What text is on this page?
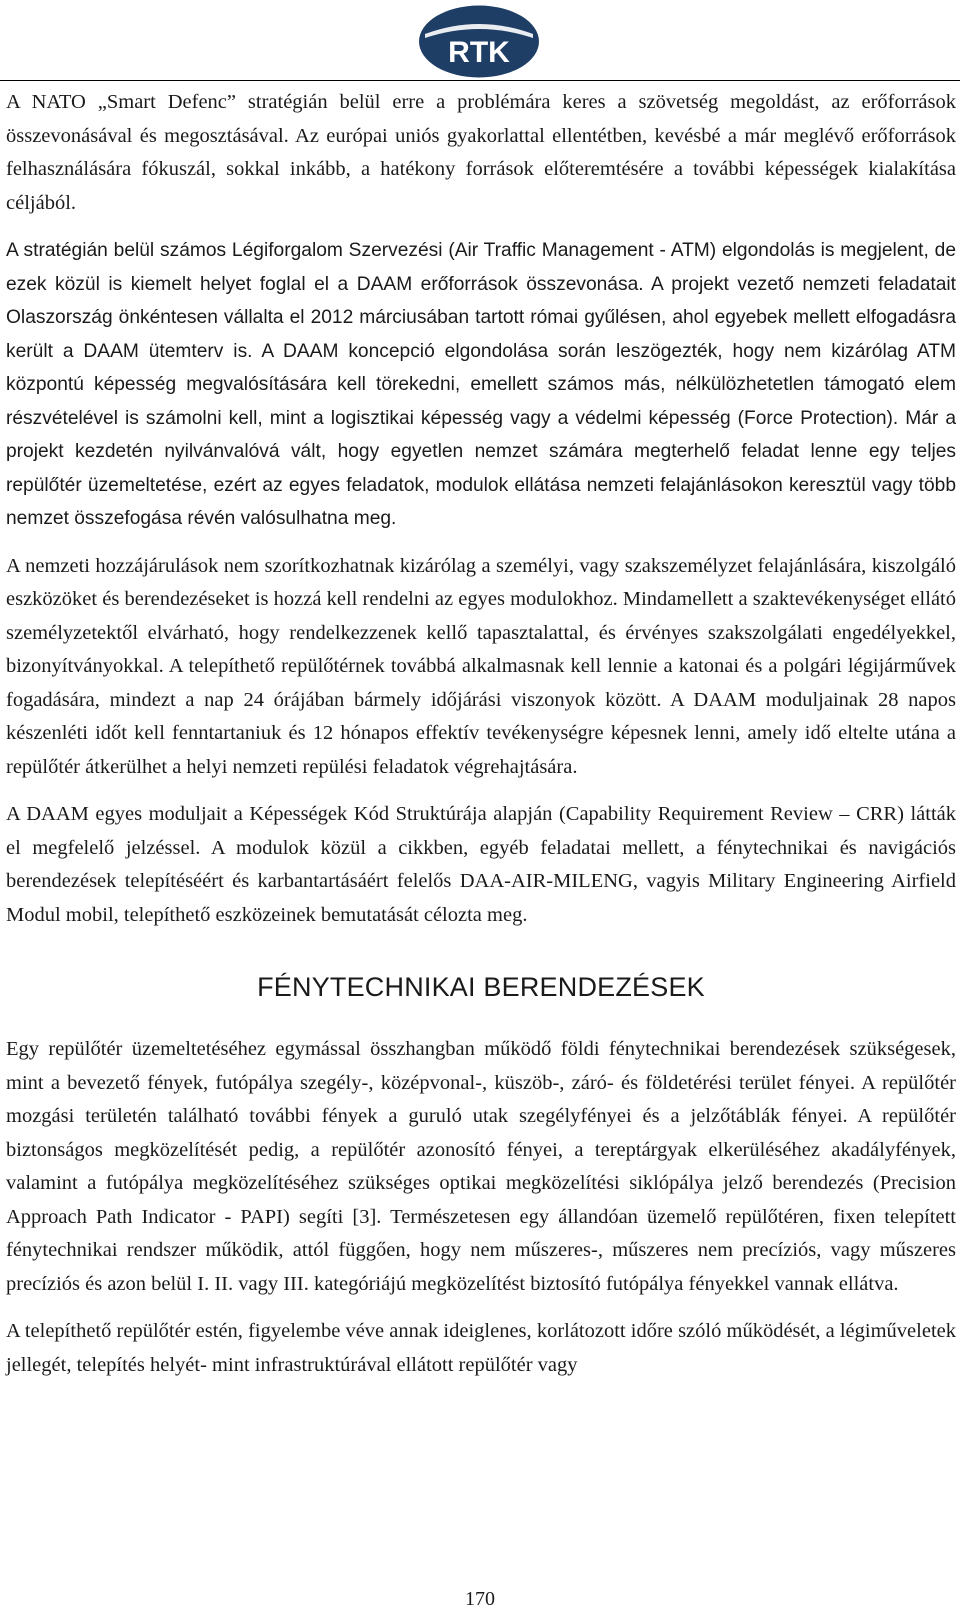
RTK

A NATO „Smart Defenc” stratégián belül erre a problémára keres a szövetség megoldást, az erőforrások összevonásával és megosztásával. Az európai uniós gyakorlattal ellentétben, kevésbé a már meglévő erőforrások felhasználására fókuszál, sokkal inkább, a hatékony források előteremtésére a további képességek kialakítása céljából.

A stratégián belül számos Légiforgalom Szervezési (Air Traffic Management - ATM) elgondolás is megjelent, de ezek közül is kiemelt helyet foglal el a DAAM erőforrások összevonása. A projekt vezető nemzeti feladatait Olaszország önkéntesen vállalta el 2012 márciusában tartott római gyűlésen, ahol egyebek mellett elfogadásra került a DAAM ütemterv is. A DAAM koncepció elgondolása során leszögezték, hogy nem kizárólag ATM központú képesség megvalósítására kell törekedni, emellett számos más, nélkülözhetetlen támogató elem részvételével is számolni kell, mint a logisztikai képesség vagy a védelmi képesség (Force Protection). Már a projekt kezdetén nyilvánvalóvá vált, hogy egyetlen nemzet számára megterhelő feladat lenne egy teljes repülőtér üzemeltetése, ezért az egyes feladatok, modulok ellátása nemzeti felajánlásokon keresztül vagy több nemzet összefogása révén valósulhatna meg.

A nemzeti hozzájárulások nem szorítkozhatnak kizárólag a személyi, vagy szakszemélyzet felajánlására, kiszolgáló eszközöket és berendezéseket is hozzá kell rendelni az egyes modulokhoz. Mindamellett a szaktevékenységet ellátó személyzetektől elvárható, hogy rendelkezzenek kellő tapasztalattal, és érvényes szakszolgálati engedélyekkel, bizonyítványokkal. A telepíthető repülőtérnek továbbá alkalmasnak kell lennie a katonai és a polgári légijárművek fogadására, mindezt a nap 24 órájában bármely időjárási viszonyok között. A DAAM moduljainak 28 napos készenléti időt kell fenntartaniuk és 12 hónapos effektív tevékenységre képesnek lenni, amely idő eltelte utána a repülőtér átkerülhet a helyi nemzeti repülési feladatok végrehajtására.

A DAAM egyes moduljait a Képességek Kód Struktúrája alapján (Capability Requirement Review – CRR) látták el megfelelő jelzéssel. A modulok közül a cikkben, egyéb feladatai mellett, a fénytechnikai és navigációs berendezések telepítéséért és karbantartásáért felelős DAA-AIR-MILENG, vagyis Military Engineering Airfield Modul mobil, telepíthető eszközeinek bemutatását célozta meg.

FÉNYTECHNIKAI BERENDEZÉSEK

Egy repülőtér üzemeltetéséhez egymással összhangban működő földi fénytechnikai berendezések szükségesek, mint a bevezető fények, futópálya szegély-, középvonal-, küszöb-, záró- és földetérési terület fényei. A repülőtér mozgási területén található további fények a guruló utak szegélyfényei és a jelzőtáblák fényei. A repülőtér biztonságos megközelítését pedig, a repülőtér azonosító fényei, a tereptárgyak elkerüléséhez akadályfények, valamint a futópálya megközelítéséhez szükséges optikai megközelítési siklópálya jelző berendezés (Precision Approach Path Indicator - PAPI) segíti [3]. Természetesen egy állandóan üzemelő repülőtéren, fixen telepített fénytechnikai rendszer működik, attól függően, hogy nem műszeres-, műszeres nem precíziós, vagy műszeres precíziós és azon belül I. II. vagy III. kategóriájú megközelítést biztosító futópálya fényekkel vannak ellátva.

A telepíthető repülőtér estén, figyelembe véve annak ideiglenes, korlátozott időre szóló működését, a légiműveletek jellegét, telepítés helyét- mint infrastruktúrával ellátott repülőtér vagy

170
